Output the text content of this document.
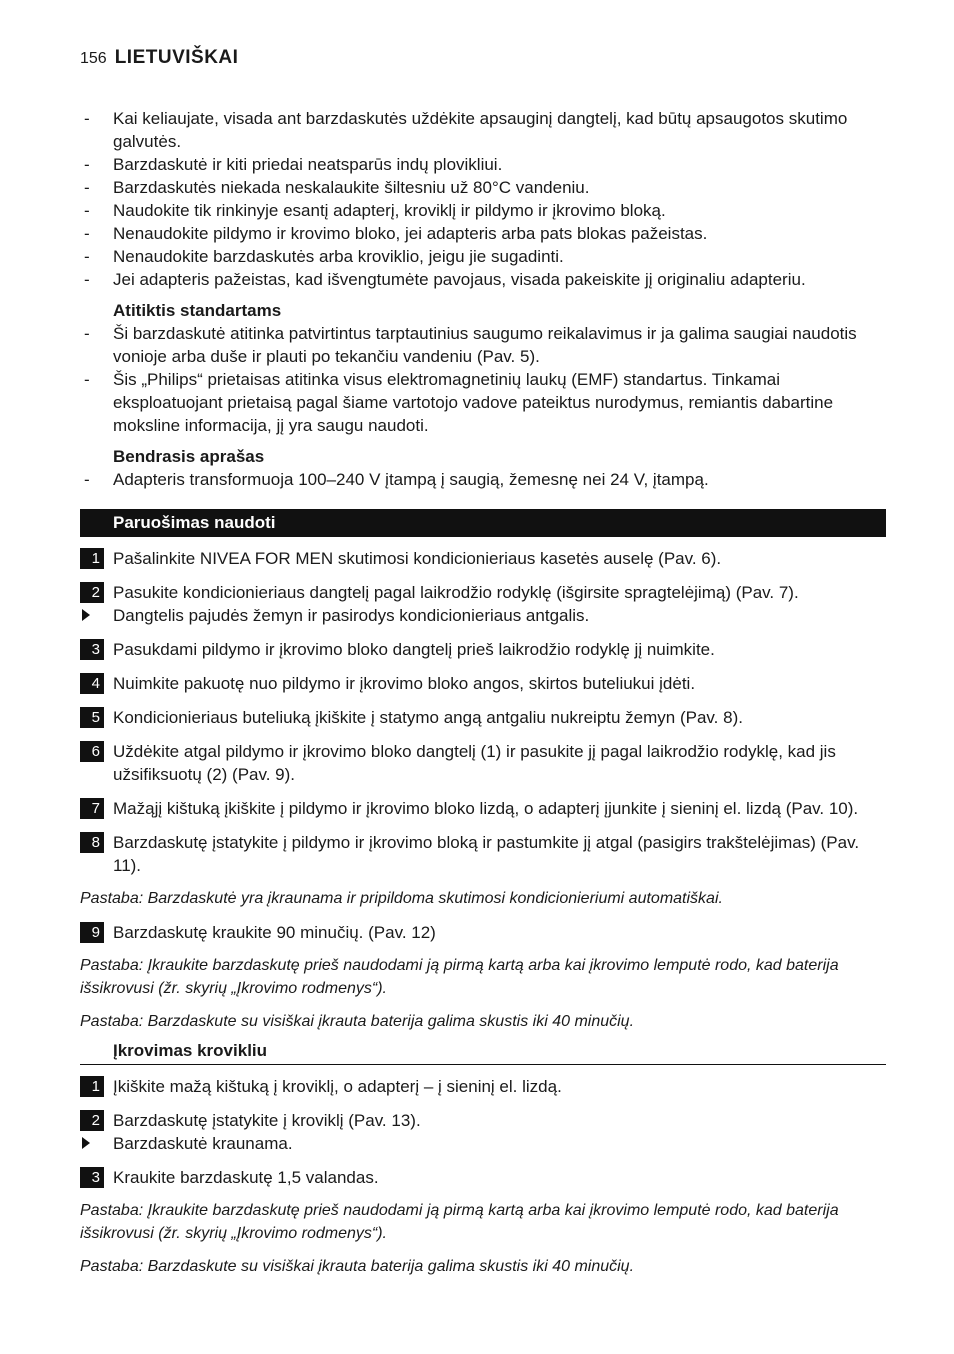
156 LIETUVIŠKAI

- Kai keliaujate, visada ant barzdaskutės uždėkite apsauginį dangtelį, kad būtų apsaugotos skutimo galvutės.

- Barzdaskutė ir kiti priedai neatsparūs indų plovikliui.

- Barzdaskutės niekada neskalaukite šiltesniu už 80°C vandeniu.

- Naudokite tik rinkinyje esantį adapterį, kroviklį ir pildymo ir įkrovimo bloką.

- Nenaudokite pildymo ir krovimo bloko, jei adapteris arba pats blokas pažeistas.

- Nenaudokite barzdaskutės arba kroviklio, jeigu jie sugadinti.

- Jei adapteris pažeistas, kad išvengtumėte pavojaus, visada pakeiskite jį originaliu adapteriu.

Atitiktis standartams

- Ši barzdaskutė atitinka patvirtintus tarptautinius saugumo reikalavimus ir ja galima saugiai naudotis vonioje arba duše ir plauti po tekančiu vandeniu (Pav. 5).

- Šis „Philips“ prietaisas atitinka visus elektromagnetinių laukų (EMF) standartus. Tinkamai eksploatuojant prietaisą pagal šiame vartotojo vadove pateiktus nurodymus, remiantis dabartine moksline informacija, jį yra saugu naudoti.

Bendrasis aprašas

- Adapteris transformuoja 100–240 V įtampą į saugią, žemesnę nei 24 V, įtampą.

Paruošimas naudoti
1 Pašalinkite NIVEA FOR MEN skutimosi kondicionieriaus kasetės auselę (Pav. 6).
2 Pasukite kondicionieriaus dangtelį pagal laikrodžio rodyklę (išgirsite spragtelėjimą) (Pav. 7).
Dangtelis pajudės žemyn ir pasirodys kondicionieriaus antgalis.
3 Pasukdami pildymo ir įkrovimo bloko dangtelį prieš laikrodžio rodyklę jį nuimkite.
4 Nuimkite pakuotę nuo pildymo ir įkrovimo bloko angos, skirtos buteliukui įdėti.
5 Kondicionieriaus buteliuką įkiškite į statymo angą antgaliu nukreiptu žemyn (Pav. 8).
6 Uždėkite atgal pildymo ir įkrovimo bloko dangtelį (1) ir pasukite jį pagal laikrodžio rodyklę, kad jis užsifiksuotų (2) (Pav. 9).
7 Mažąjį kištuką įkiškite į pildymo ir įkrovimo bloko lizdą, o adapterį įjunkite į sieninį el. lizdą (Pav. 10).
8 Barzdaskutę įstatykite į pildymo ir įkrovimo bloką ir pastumkite jį atgal (pasigirs trakštelėjimas) (Pav. 11).
Pastaba: Barzdaskutė yra įkraunama ir pripildoma skutimosi kondicionieriumi automatiškai.
9 Barzdaskutę kraukite 90 minučių. (Pav. 12)
Pastaba: Įkraukite barzdaskutę prieš naudodami ją pirmą kartą arba kai įkrovimo lemputė rodo, kad baterija išsikrovusi (žr. skyrių „Įkrovimo rodmenys“).
Pastaba: Barzdaskute su visiškai įkrauta baterija galima skustis iki 40 minučių.
Įkrovimas krovikliu
1 Įkiškite mažą kištuką į kroviklį, o adapterį – į sieninį el. lizdą.
2 Barzdaskutę įstatykite į kroviklį (Pav. 13).
Barzdaskutė kraunama.
3 Kraukite barzdaskutę 1,5 valandas.
Pastaba: Įkraukite barzdaskutę prieš naudodami ją pirmą kartą arba kai įkrovimo lemputė rodo, kad baterija išsikrovusi (žr. skyrių „Įkrovimo rodmenys“).
Pastaba: Barzdaskute su visiškai įkrauta baterija galima skustis iki 40 minučių.
